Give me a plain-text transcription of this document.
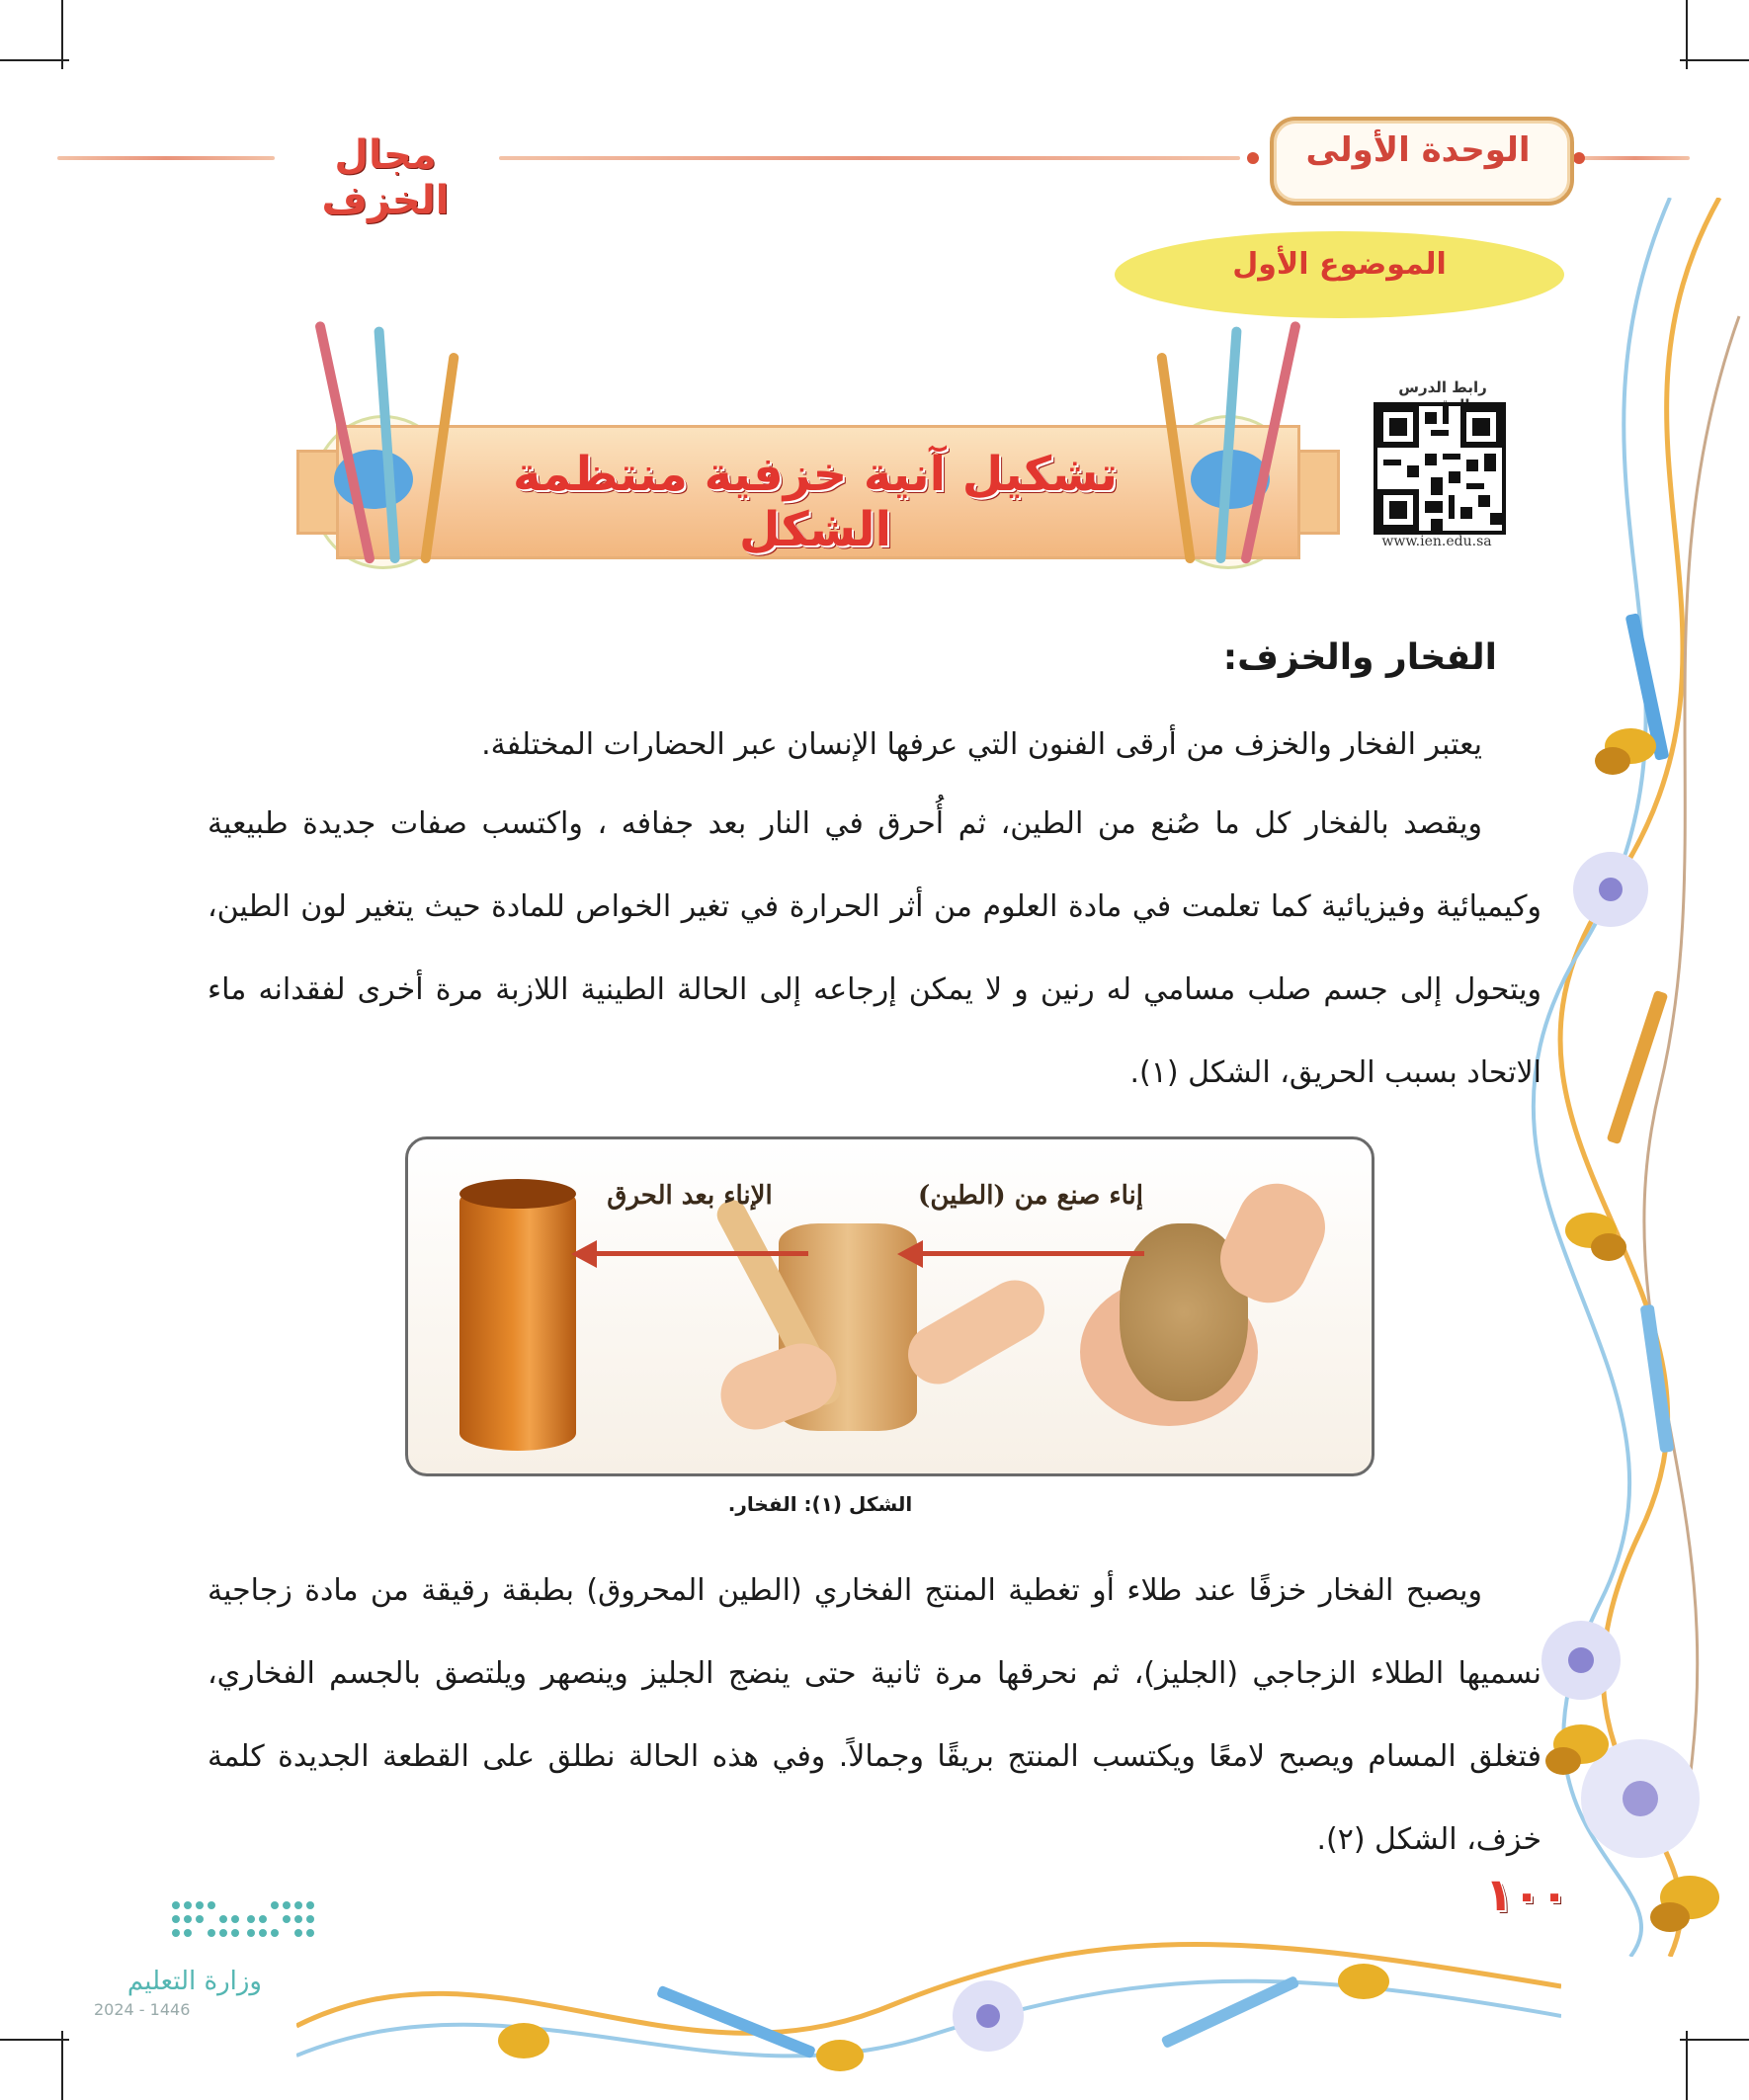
مجال الخزف
الوحدة الأولى
الموضوع الأول
تشكيل آنية خزفية منتظمة الشكل
رابط الدرس
www.ien.edu.sa
الفخار والخزف:
يعتبر الفخار والخزف من أرقى الفنون التي عرفها الإنسان عبر الحضارات المختلفة.
ويقصد بالفخار كل ما صُنع من الطين، ثم أُحرق في النار بعد جفافه ، واكتسب صفات جديدة طبيعية وكيميائية وفيزيائية كما تعلمت في مادة العلوم من أثر الحرارة في تغير الخواص للمادة حيث يتغير لون الطين، ويتحول إلى جسم صلب مسامي له رنين و لا يمكن إرجاعه إلى الحالة الطينية اللازبة مرة أخرى لفقدانه ماء الاتحاد بسبب الحريق، الشكل (١).
الإناء بعد الحرق	إناء صنع من (الطين)
الشكل (١): الفخار.
ويصبح الفخار خزفًا عند طلاء أو تغطية المنتج الفخاري (الطين المحروق) بطبقة رقيقة من مادة زجاجية نسميها الطلاء الزجاجي (الجليز)، ثم نحرقها مرة ثانية حتى ينضج الجليز وينصهر ويلتصق بالجسم الفخاري، فتغلق المسام ويصبح لامعًا ويكتسب المنتج بريقًا وجمالاً. وفي هذه الحالة نطلق على القطعة الجديدة كلمة خزف، الشكل (٢).
١٠٠
وزارة التعليم
2024 - 1446
